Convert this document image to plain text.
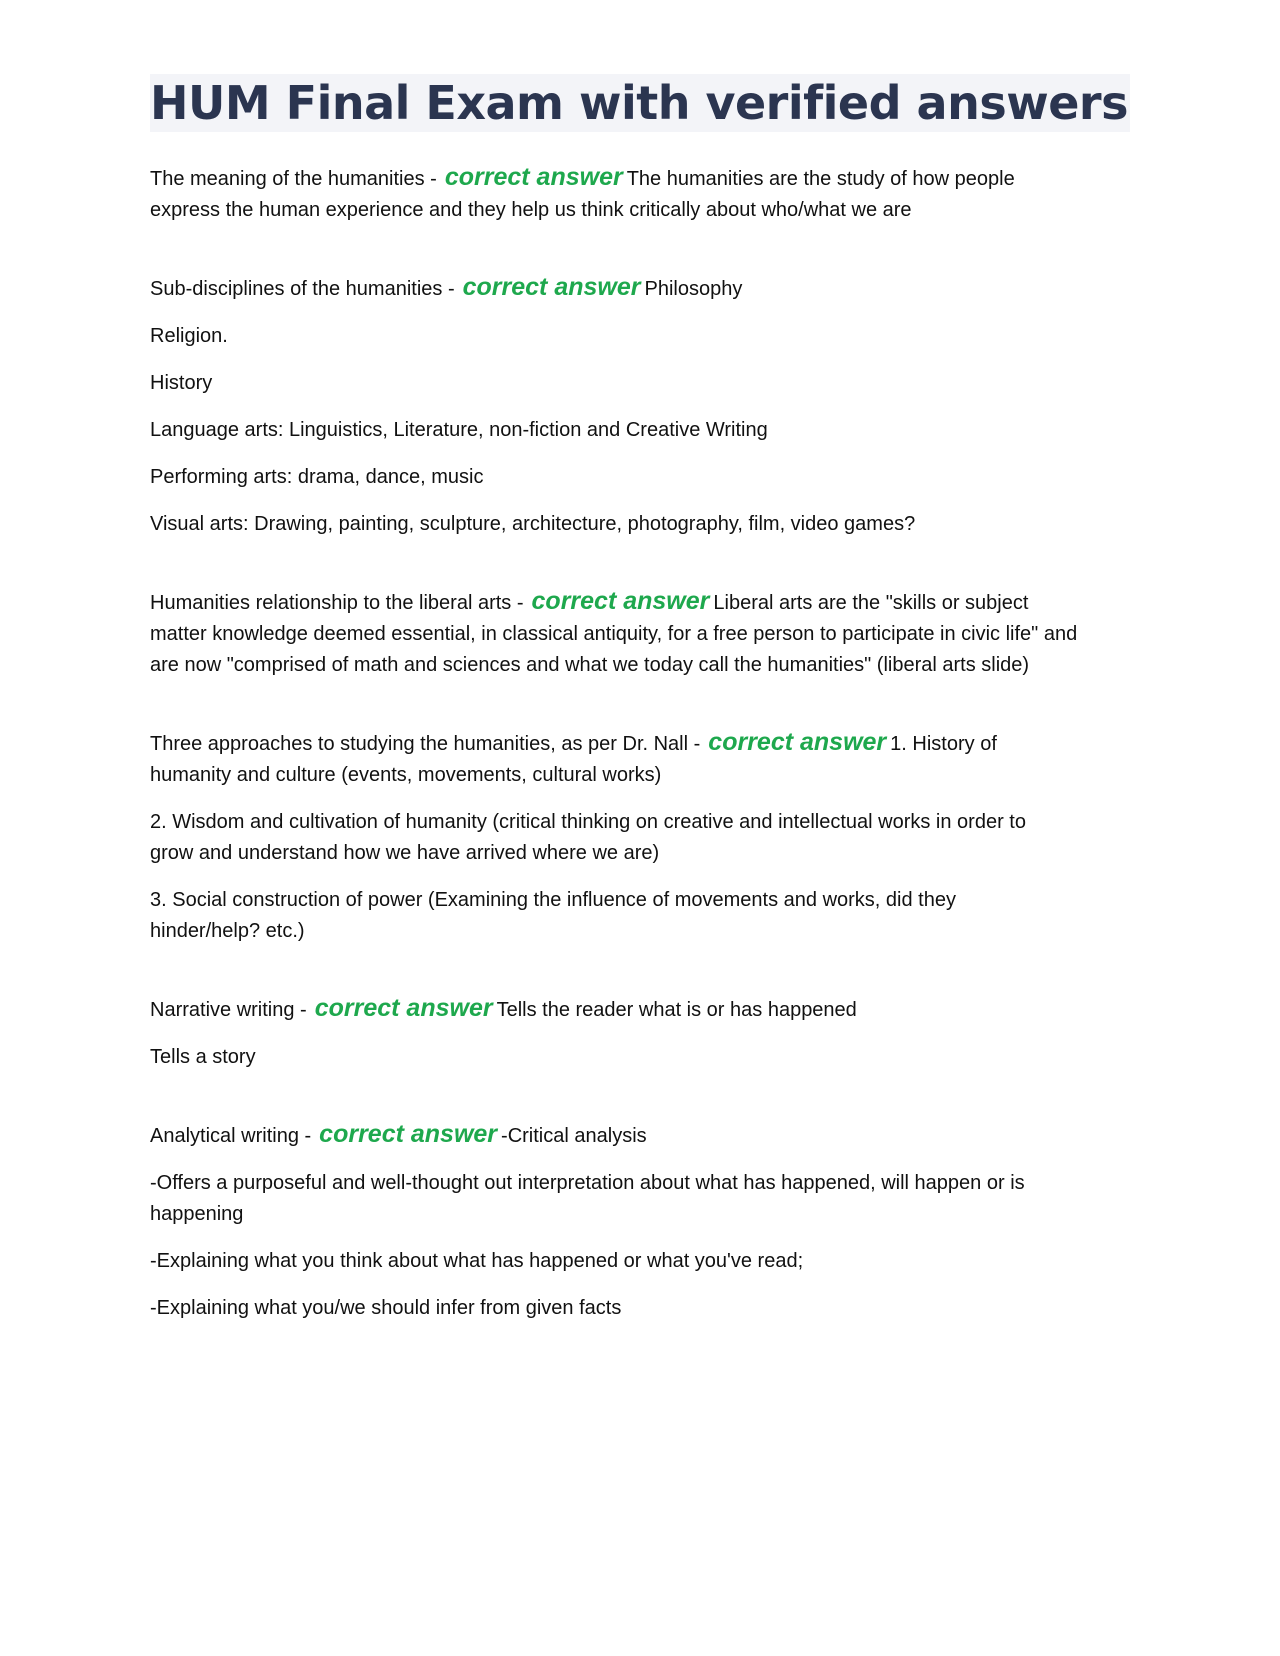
HUM Final Exam with verified answers

The meaning of the humanities - correct answer The humanities are the study of how people express the human experience and they help us think critically about who/what we are

Sub-disciplines of the humanities - correct answer Philosophy

Religion.

History

Language arts: Linguistics, Literature, non-fiction and Creative Writing

Performing arts: drama, dance, music

Visual arts: Drawing, painting, sculpture, architecture, photography, film, video games?

Humanities relationship to the liberal arts - correct answer Liberal arts are the "skills or subject matter knowledge deemed essential, in classical antiquity, for a free person to participate in civic life" and are now "comprised of math and sciences and what we today call the humanities" (liberal arts slide)

Three approaches to studying the humanities, as per Dr. Nall - correct answer 1. History of humanity and culture (events, movements, cultural works)

2. Wisdom and cultivation of humanity (critical thinking on creative and intellectual works in order to grow and understand how we have arrived where we are)

3. Social construction of power (Examining the influence of movements and works, did they hinder/help? etc.)

Narrative writing - correct answer Tells the reader what is or has happened

Tells a story

Analytical writing - correct answer -Critical analysis

-Offers a purposeful and well-thought out interpretation about what has happened, will happen or is happening

-Explaining what you think about what has happened or what you've read;

-Explaining what you/we should infer from given facts
